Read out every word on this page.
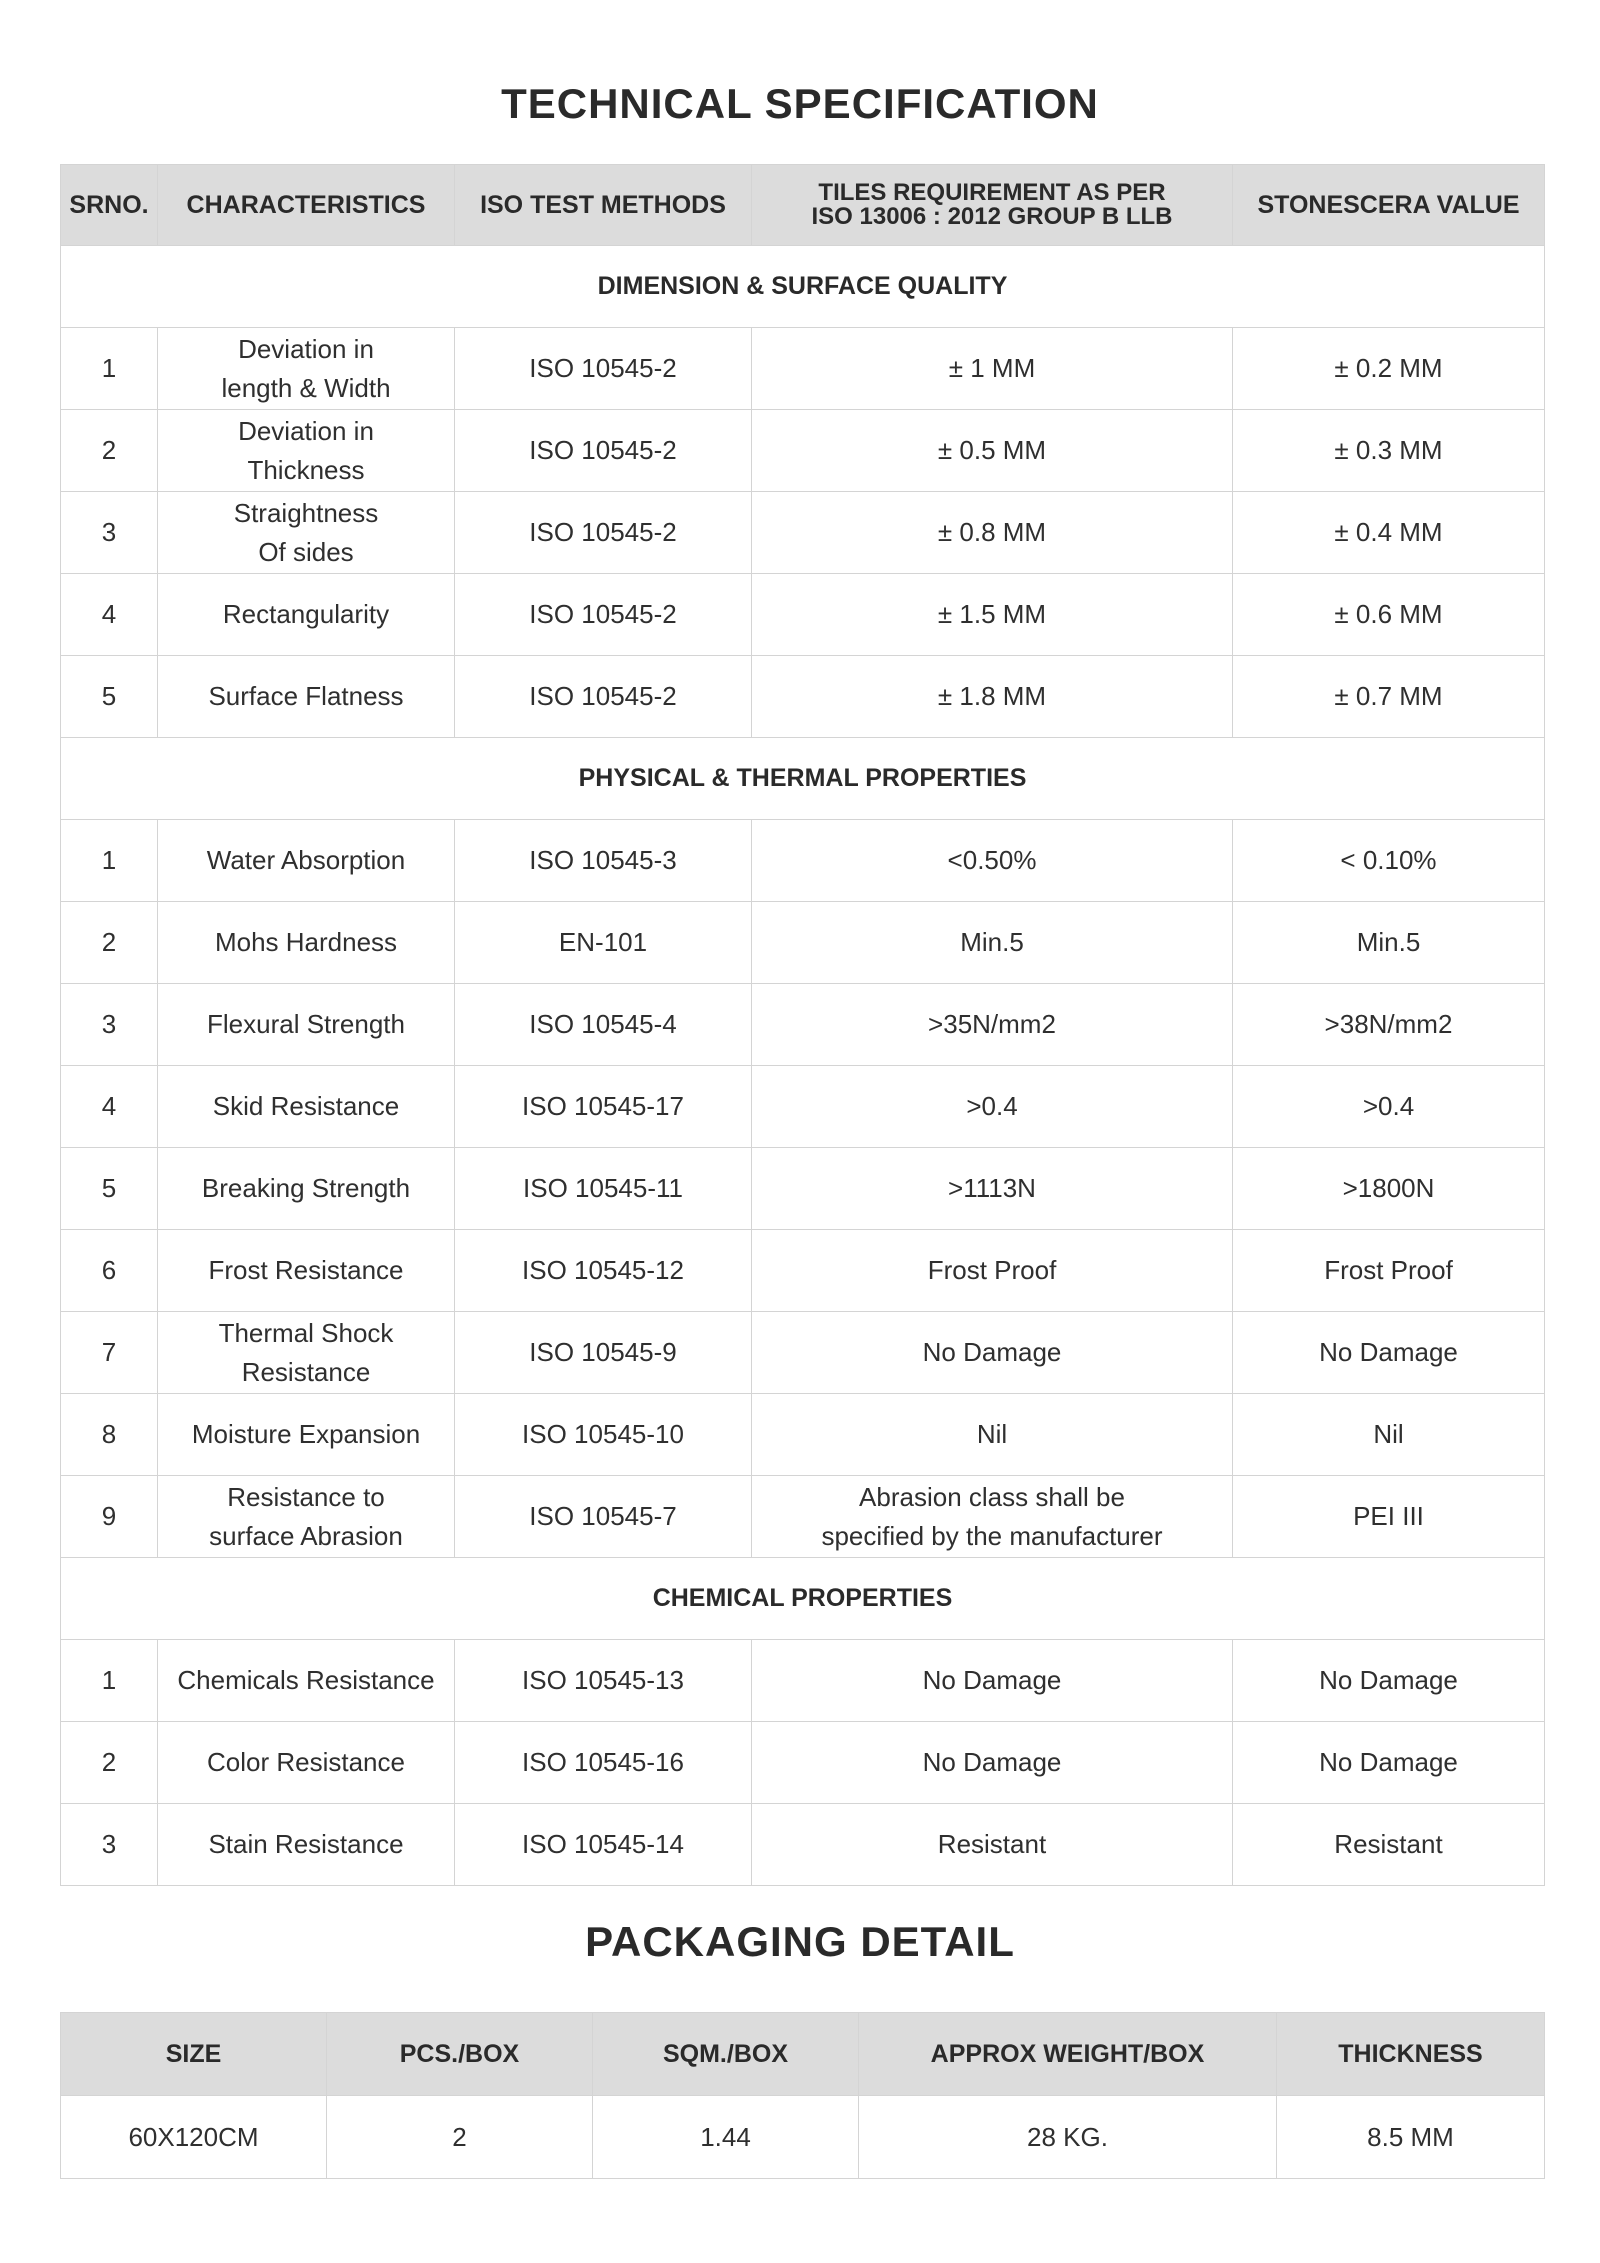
TECHNICAL SPECIFICATION
SRNO.	CHARACTERISTICS	ISO TEST METHODS	TILES REQUIREMENT AS PER
ISO 13006 : 2012 GROUP B LLB	STONESCERA VALUE
DIMENSION & SURFACE QUALITY				
1	Deviation in
length & Width	ISO 10545-2	± 1 MM	± 0.2 MM
2	Deviation in
Thickness	ISO 10545-2	± 0.5 MM	± 0.3 MM
3	Straightness
Of sides	ISO 10545-2	± 0.8 MM	± 0.4 MM
4	Rectangularity	ISO 10545-2	± 1.5 MM	± 0.6 MM
5	Surface Flatness	ISO 10545-2	± 1.8 MM	± 0.7 MM
PHYSICAL & THERMAL PROPERTIES				
1	Water Absorption	ISO 10545-3	<0.50%	< 0.10%
2	Mohs Hardness	EN-101	Min.5	Min.5
3	Flexural Strength	ISO 10545-4	>35N/mm2	>38N/mm2
4	Skid Resistance	ISO 10545-17	>0.4	>0.4
5	Breaking Strength	ISO 10545-11	>1113N	>1800N
6	Frost Resistance	ISO 10545-12	Frost Proof	Frost Proof
7	Thermal Shock
Resistance	ISO 10545-9	No Damage	No Damage
8	Moisture Expansion	ISO 10545-10	Nil	Nil
9	Resistance to
surface Abrasion	ISO 10545-7	Abrasion class shall be
specified by the manufacturer	PEI III
CHEMICAL PROPERTIES				
1	Chemicals Resistance	ISO 10545-13	No Damage	No Damage
2	Color Resistance	ISO 10545-16	No Damage	No Damage
3	Stain Resistance	ISO 10545-14	Resistant	Resistant
PACKAGING DETAIL
SIZE	PCS./BOX	SQM./BOX	APPROX WEIGHT/BOX	THICKNESS
60X120CM	2	1.44	28 KG.	8.5 MM
